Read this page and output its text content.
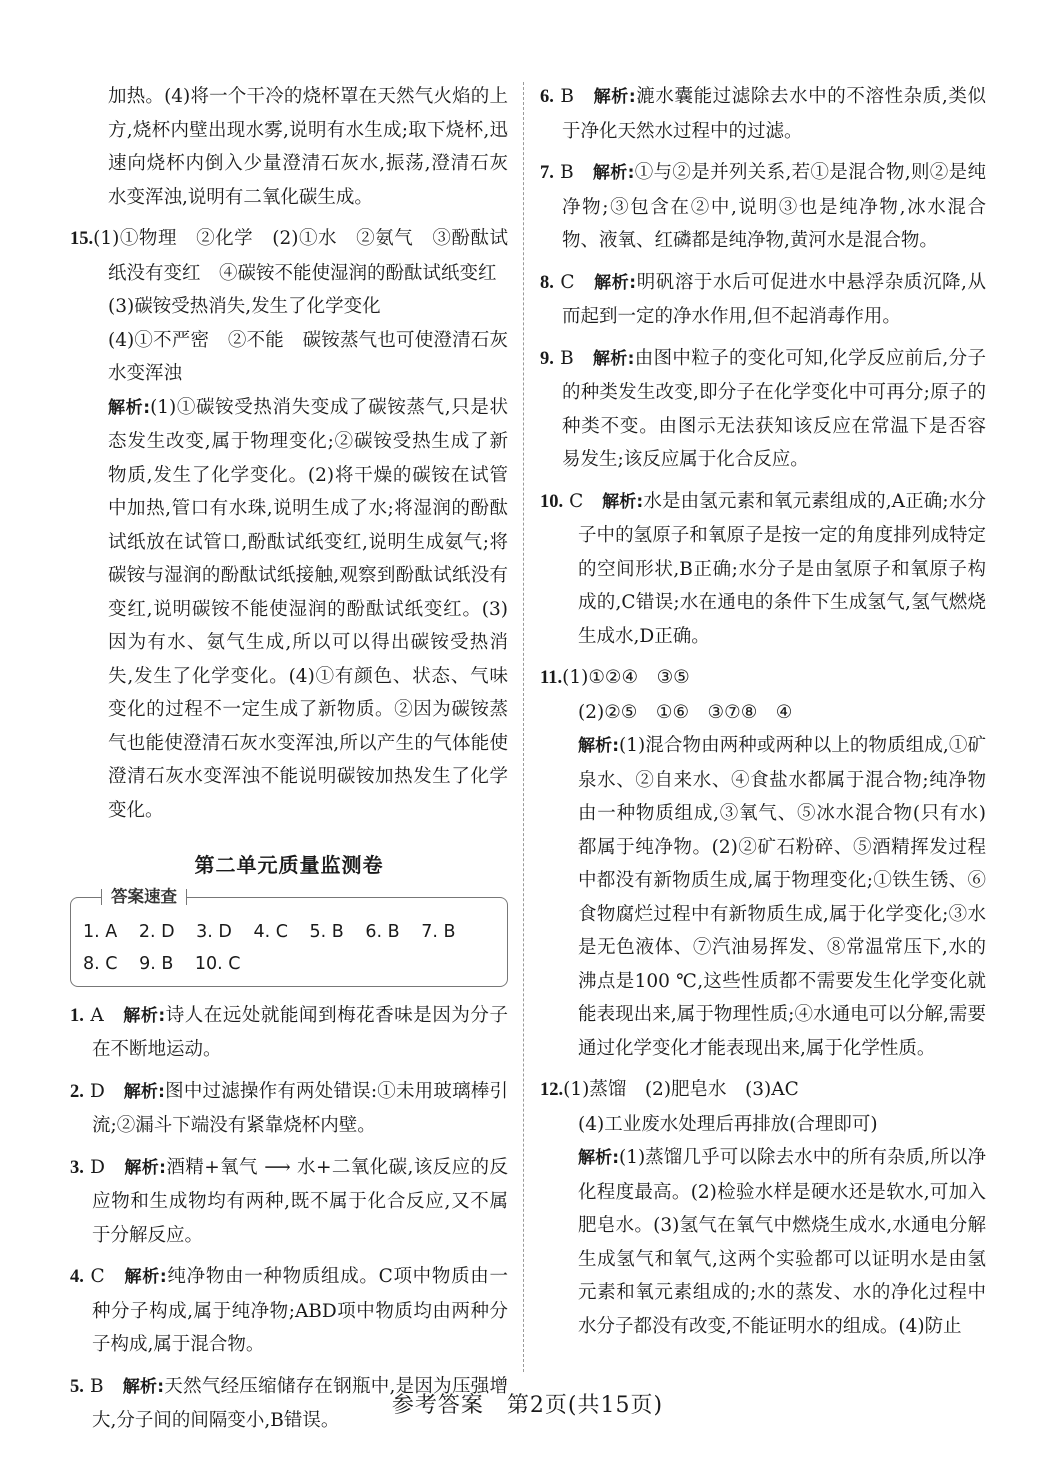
加热。(4)将一个干冷的烧杯罩在天然气火焰的上方,烧杯内壁出现水雾,说明有水生成;取下烧杯,迅速向烧杯内倒入少量澄清石灰水,振荡,澄清石灰水变浑浊,说明有二氧化碳生成。

15.(1)①物理　②化学　(2)①水　②氨气　③酚酞试纸没有变红　④碳铵不能使湿润的酚酞试纸变红

(3)碳铵受热消失,发生了化学变化

(4)①不严密　②不能　碳铵蒸气也可使澄清石灰水变浑浊

解析:(1)①碳铵受热消失变成了碳铵蒸气,只是状态发生改变,属于物理变化;②碳铵受热生成了新物质,发生了化学变化。(2)将干燥的碳铵在试管中加热,管口有水珠,说明生成了水;将湿润的酚酞试纸放在试管口,酚酞试纸变红,说明生成氨气;将碳铵与湿润的酚酞试纸接触,观察到酚酞试纸没有变红,说明碳铵不能使湿润的酚酞试纸变红。(3)因为有水、氨气生成,所以可以得出碳铵受热消失,发生了化学变化。(4)①有颜色、状态、气味变化的过程不一定生成了新物质。②因为碳铵蒸气也能使澄清石灰水变浑浊,所以产生的气体能使澄清石灰水变浑浊不能说明碳铵加热发生了化学变化。

第二单元质量监测卷
答案速查
1. A 2. D 3. D 4. C 5. B 6. B 7. B 8. C 9. B 10. C

1. A　 解析:诗人在远处就能闻到梅花香味是因为分子在不断地运动。

2. D　 解析:图中过滤操作有两处错误:①未用玻璃棒引流;②漏斗下端没有紧靠烧杯内壁。

3. D　 解析:酒精+氧气 ⟶ 水+二氧化碳,该反应的反应物和生成物均有两种,既不属于化合反应,又不属于分解反应。

4. C　 解析:纯净物由一种物质组成。C项中物质由一种分子构成,属于纯净物;ABD项中物质均由两种分子构成,属于混合物。

5. B　 解析:天然气经压缩储存在钢瓶中,是因为压强增大,分子间的间隔变小,B错误。

6. B　 解析:漉水囊能过滤除去水中的不溶性杂质,类似于净化天然水过程中的过滤。

7. B　 解析:①与②是并列关系,若①是混合物,则②是纯净物;③包含在②中,说明③也是纯净物,冰水混合物、液氧、红磷都是纯净物,黄河水是混合物。

8. C　 解析:明矾溶于水后可促进水中悬浮杂质沉降,从而起到一定的净水作用,但不起消毒作用。

9. B　 解析:由图中粒子的变化可知,化学反应前后,分子的种类发生改变,即分子在化学变化中可再分;原子的种类不变。由图示无法获知该反应在常温下是否容易发生;该反应属于化合反应。

10. C　 解析:水是由氢元素和氧元素组成的,A正确;水分子中的氢原子和氧原子是按一定的角度排列成特定的空间形状,B正确;水分子是由氢原子和氧原子构成的,C错误;水在通电的条件下生成氢气,氢气燃烧生成水,D正确。

11.(1)①②④　③⑤

(2)②⑤　①⑥　③⑦⑧　④

解析:(1)混合物由两种或两种以上的物质组成,①矿泉水、②自来水、④食盐水都属于混合物;纯净物由一种物质组成,③氧气、⑤冰水混合物(只有水)都属于纯净物。(2)②矿石粉碎、⑤酒精挥发过程中都没有新物质生成,属于物理变化;①铁生锈、⑥食物腐烂过程中有新物质生成,属于化学变化;③水是无色液体、⑦汽油易挥发、⑧常温常压下,水的沸点是100 ℃,这些性质都不需要发生化学变化就能表现出来,属于物理性质;④水通电可以分解,需要通过化学变化才能表现出来,属于化学性质。

12.(1)蒸馏　(2)肥皂水　(3)AC

(4)工业废水处理后再排放(合理即可)

解析:(1)蒸馏几乎可以除去水中的所有杂质,所以净化程度最高。(2)检验水样是硬水还是软水,可加入肥皂水。(3)氢气在氧气中燃烧生成水,水通电分解生成氢气和氧气,这两个实验都可以证明水是由氢元素和氧元素组成的;水的蒸发、水的净化过程中水分子都没有改变,不能证明水的组成。(4)防止

参考答案　第2页(共15页)
